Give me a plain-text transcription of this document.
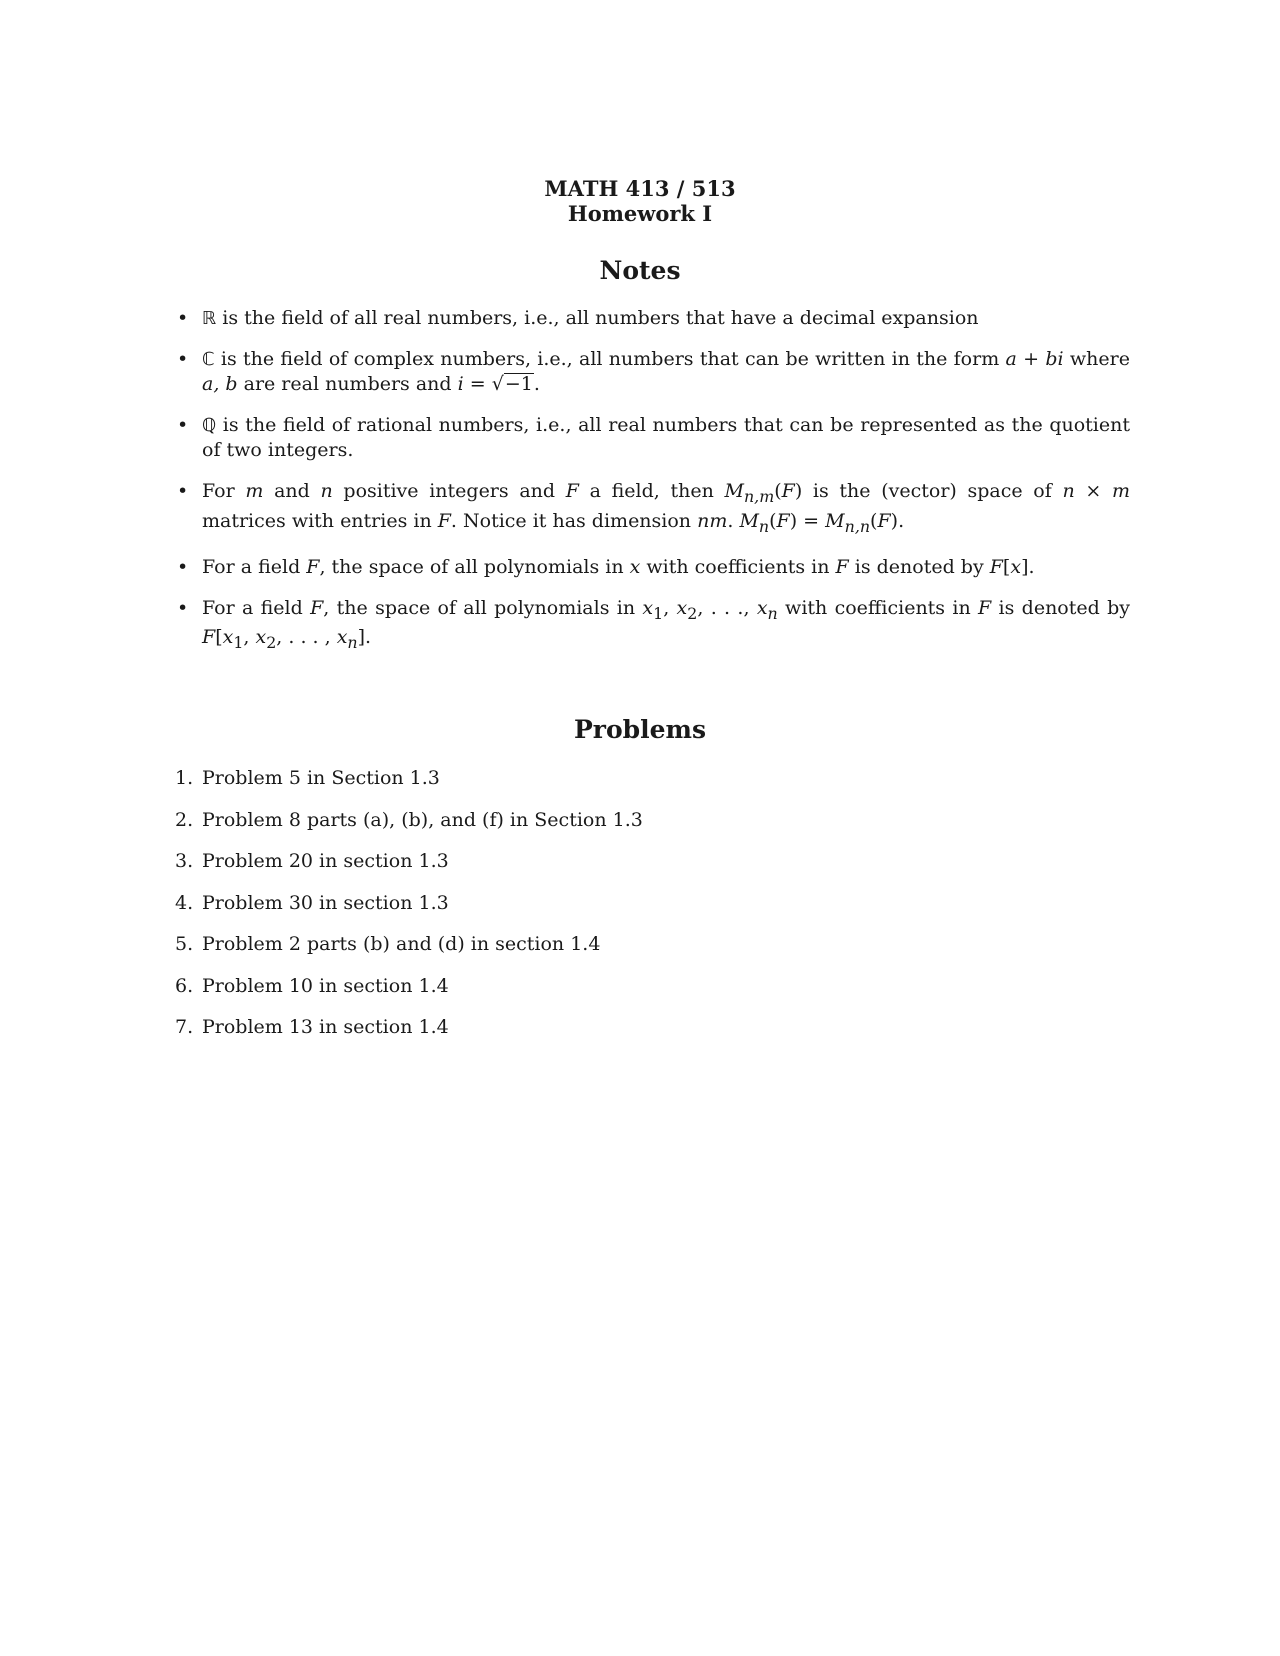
MATH 413 / 513
Homework I
Notes
• ℝ is the field of all real numbers, i.e., all numbers that have a decimal expansion
• ℂ is the field of complex numbers, i.e., all numbers that can be written in the form a + bi where a, b are real numbers and i = √−1.
• ℚ is the field of rational numbers, i.e., all real numbers that can be represented as the quotient of two integers.
• For m and n positive integers and F a field, then $M_{n,m}(F)$ is the (vector) space of n × m matrices with entries in F. Notice it has dimension nm. $M_n(F) = M_{n,n}(F)$.
• For a field F, the space of all polynomials in x with coefficients in F is denoted by F[x].
• For a field F, the space of all polynomials in $x_1$, $x_2$, . . ., $x_n$ with coefficients in F is denoted by $F[x_1$, $x_2$, . . . , $x_n$].
Problems
1. Problem 5 in Section 1.3
2. Problem 8 parts (a), (b), and (f) in Section 1.3
3. Problem 20 in section 1.3
4. Problem 30 in section 1.3
5. Problem 2 parts (b) and (d) in section 1.4
6. Problem 10 in section 1.4
7. Problem 13 in section 1.4
